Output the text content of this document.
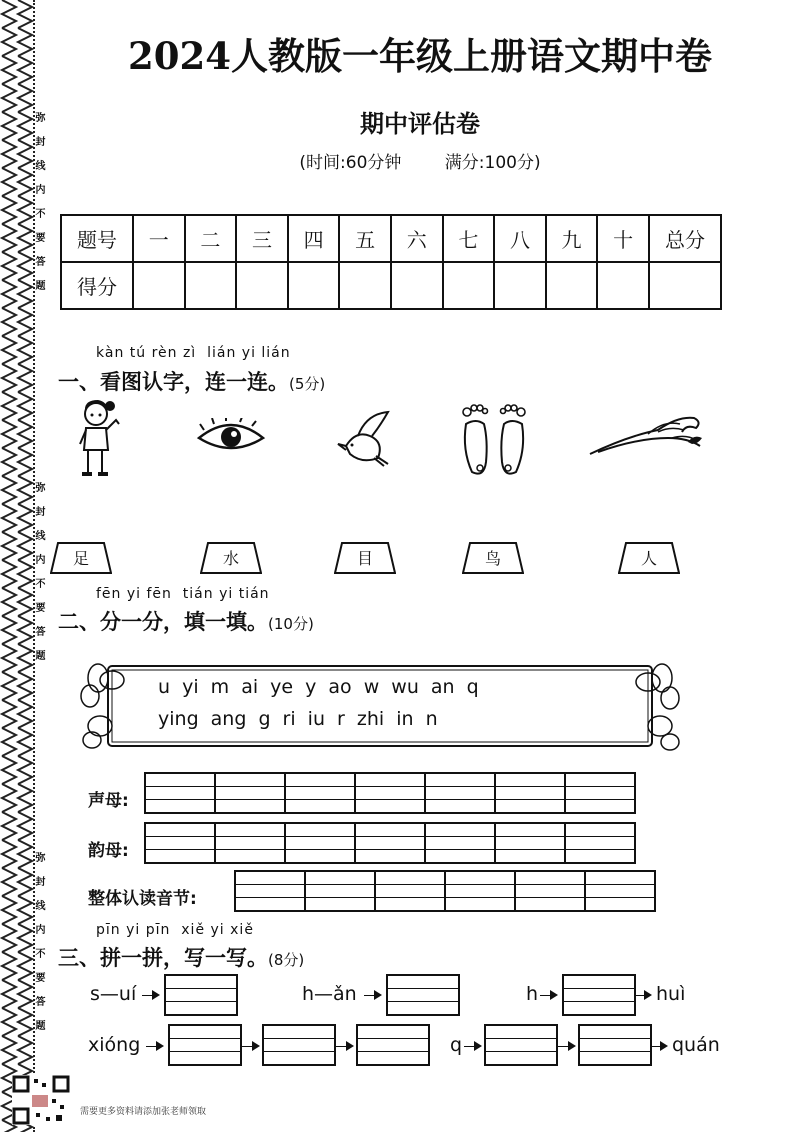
弥封线内不要答题
弥封线内不要答题
弥封线内不要答题
2024人教版一年级上册语文期中卷
期中评估卷
(时间:60分钟	满分:100分)
题号	一	二	三	四	五	六	七	八	九	十	总分
得分											
kàn tú rèn zì  lián yi lián
一、看图认字，连一连。(5分)
足	水	目	鸟	人
fēn yi fēn  tián yi tián
二、分一分，填一填。(10分)
u yi m ai ye y ao w wu an q
ying ang g ri iu r zhi in n
声母:
韵母:
整体认读音节:
pīn yi pīn  xiě yi xiě
三、拼一拼，写一写。(8分)
s—uí	h—ǎn	h	huì
xióng	q	quán
需要更多资料请添加张老师领取
